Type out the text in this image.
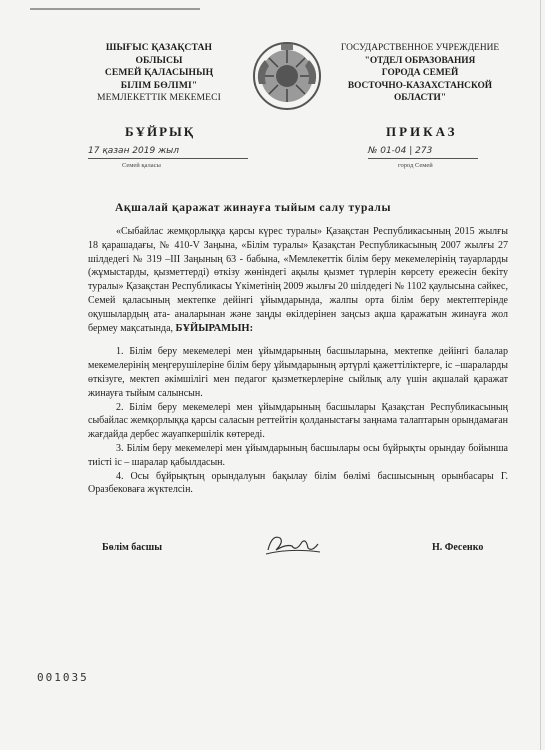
ШЫҒЫС ҚАЗАҚСТАН
ОБЛЫСЫ
СЕМЕЙ ҚАЛАСЫНЫҢ
БІЛІМ БӨЛІМІ"
МЕМЛЕКЕТТІК МЕКЕМЕСІ
ГОСУДАРСТВЕННОЕ УЧРЕЖДЕНИЕ
"ОТДЕЛ ОБРАЗОВАНИЯ
ГОРОДА СЕМЕЙ
ВОСТОЧНО-КАЗАХСТАНСКОЙ
ОБЛАСТИ"
БҰЙРЫҚ	ПРИКАЗ
17 қазан 2019 жыл	№ 01-04 | 273
Семей қаласы	город Семей
Ақшалай қаражат жинауға тыйым салу туралы

«Сыбайлас жемқорлыққа қарсы күрес туралы» Қазақстан Республикасының 2015 жылғы 18 қарашадағы, № 410-V Заңына, «Білім туралы» Қазақстан Республикасының 2007 жылғы 27 шілдедегі № 319 –III Заңының 63 - бабына, «Мемлекеттік білім беру мекемелерінің тауарларды (жұмыстарды, қызметтерді) өткізу жөніндегі ақылы қызмет түрлерін көрсету ережесін бекіту туралы» Қазақстан Республикасы Үкіметінің 2009 жылғы 20 шілдедегі № 1102 қаулысына сәйкес, Семей қаласының мектепке дейінгі ұйымдарында, жалпы орта білім беру мектептерінде оқушылардың ата- аналарынан және заңды өкілдерінен заңсыз ақша қаражатын жинауға жол бермеу мақсатында, БҰЙЫРАМЫН:

1. Білім беру мекемелері мен ұйымдарының басшыларына, мектепке дейінгі балалар мекемелерінің меңгерушілеріне білім беру ұйымдарының әртүрлі қажеттіліктерге, іс –шараларды өткізуге, мектеп әкімшілігі мен педагог қызметкерлеріне сыйлық алу үшін ақшалай қаражат жинауға тыйым салынсын.

2. Білім беру мекемелері мен ұйымдарының басшылары Қазақстан Республикасының сыбайлас жемқорлыққа қарсы саласын реттейтін қолданыстағы заңнама талаптарын орындамаған жағдайда дербес жауапкершілік көтереді.

3. Білім беру мекемелері мен ұйымдарының басшылары осы бұйрықты орындау бойынша тиісті іс – шаралар қабылдасын.

4. Осы бұйрықтың орындалуын бақылау білім бөлімі басшысының орынбасары Г. Оразбековаға жүктелсін.

Бөлім басшы	Н. Фесенко
001035
